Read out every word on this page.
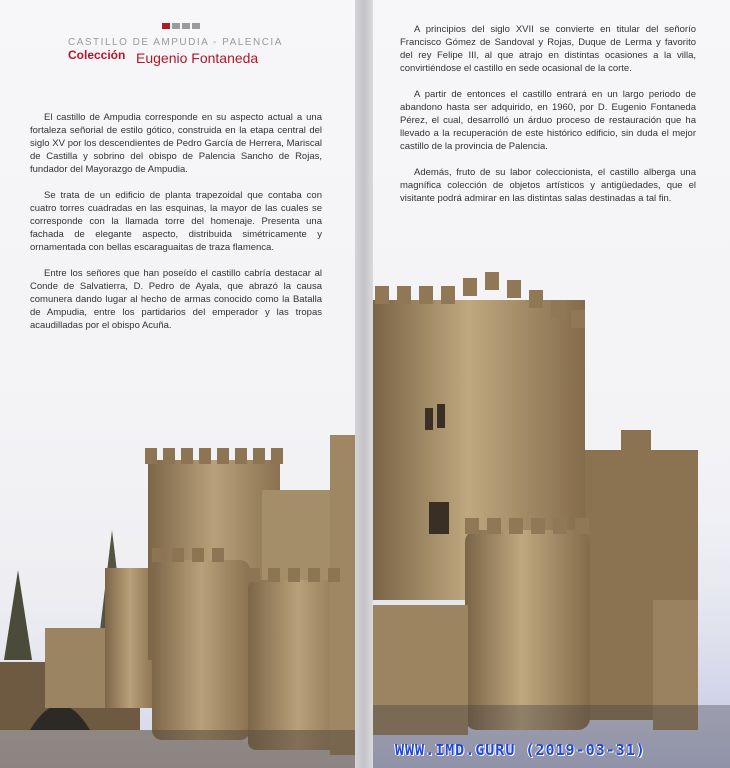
CASTILLO DE AMPUDIA - PALENCIA
Colección Eugenio Fontaneda

El castillo de Ampudia corresponde en su aspecto actual a una fortaleza señorial de estilo gótico, construida en la etapa central del siglo XV por los descendientes de Pedro García de Herrera, Mariscal de Castilla y sobrino del obispo de Palencia Sancho de Rojas, fundador del Mayorazgo de Ampudia.

Se trata de un edificio de planta trapezoidal que contaba con cuatro torres cuadradas en las esquinas, la mayor de las cuales se corresponde con la llamada torre del homenaje. Presenta una fachada de elegante aspecto, distribuida simétricamente y ornamentada con bellas escaraguaitas de traza flamenca.

Entre los señores que han poseído el castillo cabría destacar al Conde de Salvatierra, D. Pedro de Ayala, que abrazó la causa comunera dando lugar al hecho de armas conocido como la Batalla de Ampudia, entre los partidarios del emperador y las tropas acaudilladas por el obispo Acuña.

A principios del siglo XVII se convierte en titular del señorío Francisco Gómez de Sandoval y Rojas, Duque de Lerma y favorito del rey Felipe III, al que atrajo en distintas ocasiones a la villa, convirtiéndose el castillo en sede ocasional de la corte.

A partir de entonces el castillo entrará en un largo periodo de abandono hasta ser adquirido, en 1960, por D. Eugenio Fontaneda Pérez, el cual, desarrolló un árduo proceso de restauración que ha llevado a la recuperación de este histórico edificio, sin duda el mejor castillo de la provincia de Palencia.

Además, fruto de su labor coleccionista, el castillo alberga una magnífica colección de objetos artísticos y antigüedades, que el visitante podrá admirar en las distintas salas destinadas a tal fin.

WWW.IMD.GURU (2019-03-31)
